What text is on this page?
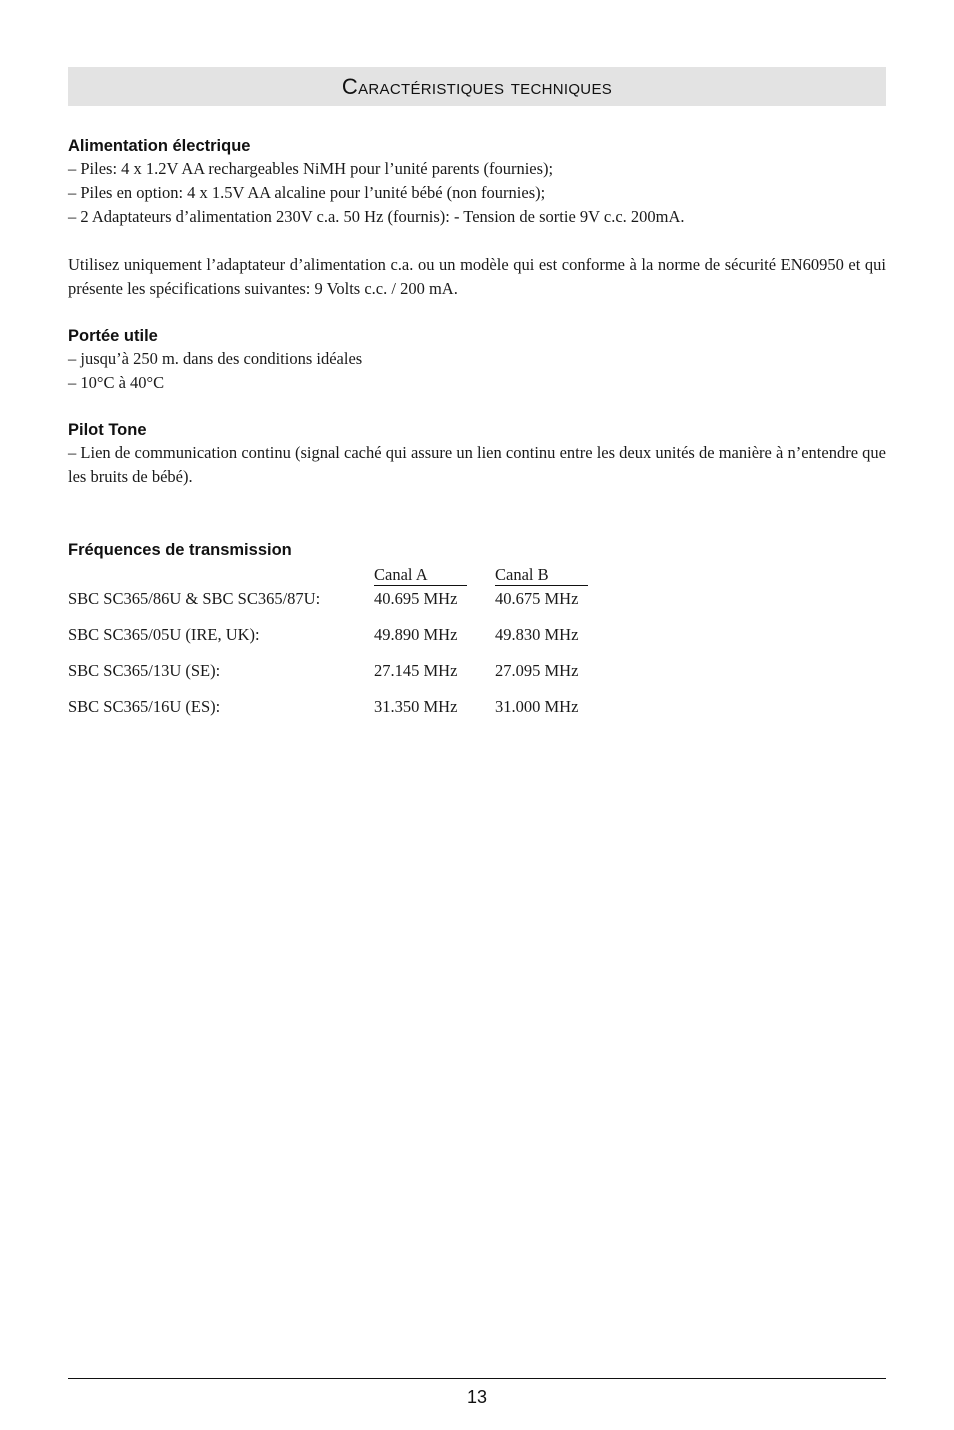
Caractéristiques techniques
Alimentation électrique

– Piles: 4 x 1.2V AA rechargeables NiMH pour l’unité parents (fournies);

– Piles en option: 4 x 1.5V AA alcaline pour l’unité bébé (non fournies);

– 2 Adaptateurs d’alimentation 230V c.a. 50 Hz (fournis): - Tension de sortie 9V c.c. 200mA.

Utilisez uniquement l’adaptateur d’alimentation c.a. ou un modèle qui est conforme à la norme de sécurité EN60950 et qui présente les spécifications suivantes: 9 Volts c.c. / 200 mA.

Portée utile

– jusqu’à 250 m. dans des conditions idéales

– 10°C à 40°C

Pilot Tone

– Lien de communication continu (signal caché qui assure un lien continu entre les deux unités de manière à n’entendre que les bruits de bébé).

Fréquences de transmission
	Canal A	Canal B
SBC SC365/86U & SBC SC365/87U:	40.695 MHz	40.675 MHz
SBC SC365/05U (IRE, UK):	49.890 MHz	49.830 MHz
SBC SC365/13U (SE):	27.145 MHz	27.095 MHz
SBC SC365/16U (ES):	31.350 MHz	31.000 MHz
13
